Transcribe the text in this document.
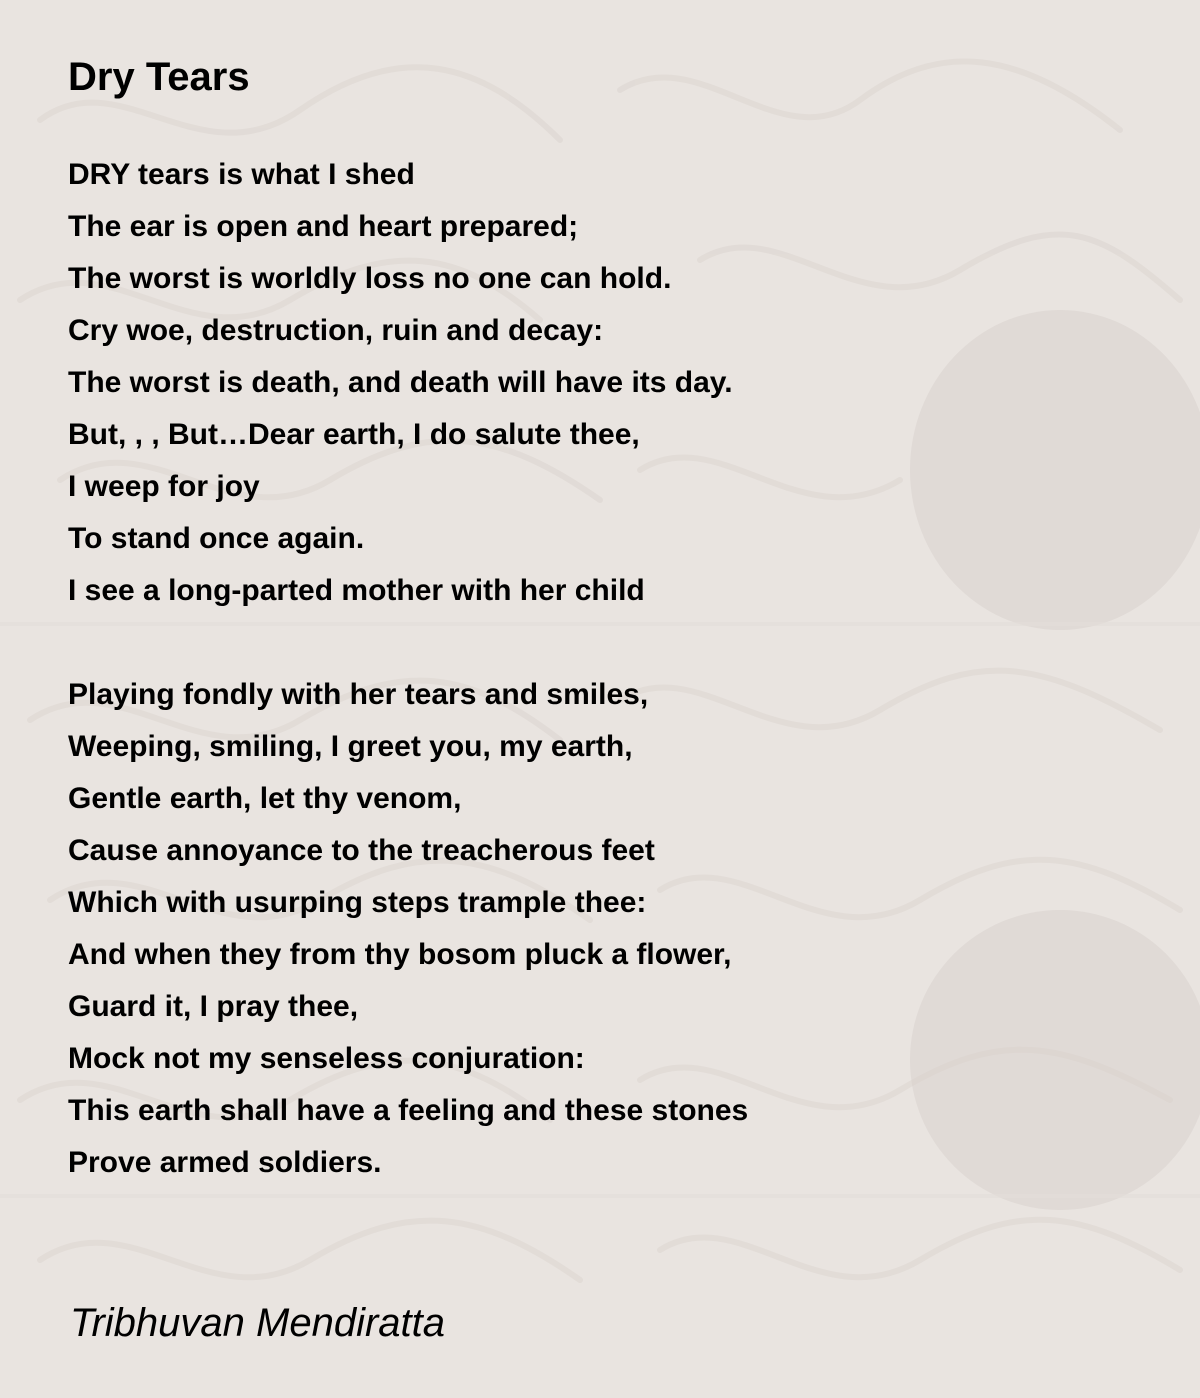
Dry Tears
DRY tears is what I shed
The ear is open and heart prepared;
The worst is worldly loss no one can hold.
Cry woe, destruction, ruin and decay:
The worst is death, and death will have its day.
But, , , But…Dear earth, I do salute thee,
I weep for joy
To stand once again.
I see a long-parted mother with her child
Playing fondly with her tears and smiles,
Weeping, smiling, I greet you, my earth,
Gentle earth, let thy venom,
Cause annoyance to the treacherous feet
Which with usurping steps trample thee:
And when they from thy bosom pluck a flower,
Guard it, I pray thee,
Mock not my senseless conjuration:
This earth shall have a feeling and these stones
Prove armed soldiers.

Tribhuvan Mendiratta
